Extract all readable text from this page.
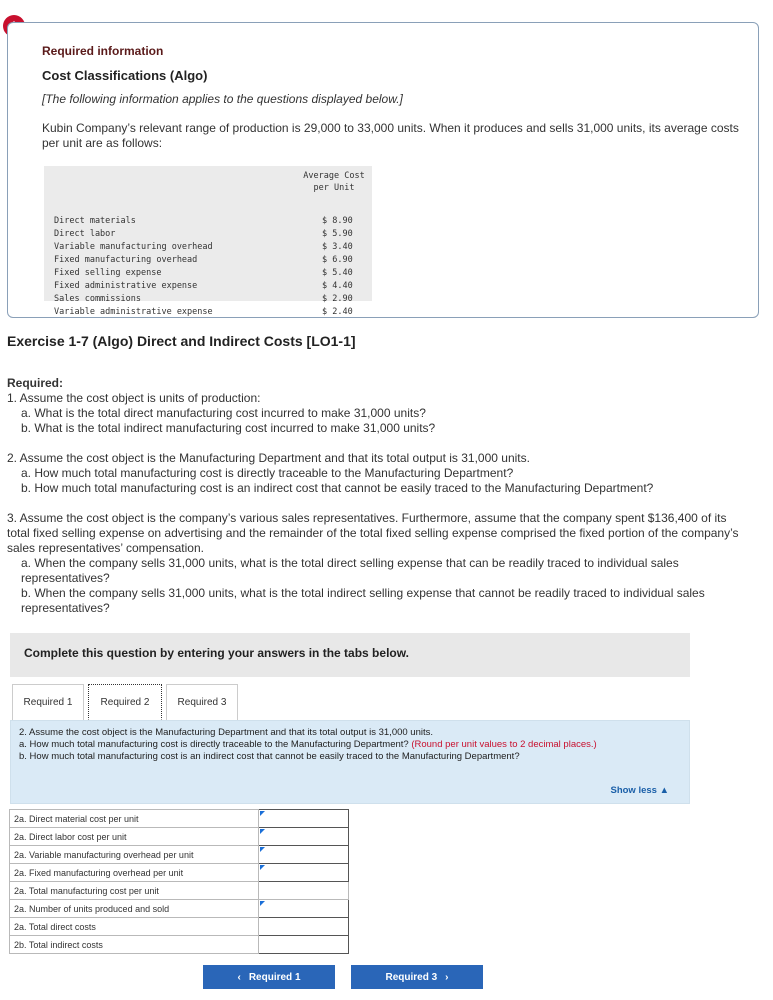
Required information
Cost Classifications (Algo)
[The following information applies to the questions displayed below.]
Kubin Company’s relevant range of production is 29,000 to 33,000 units. When it produces and sells 31,000 units, its average costs per unit are as follows:
Average Cost
per Unit
Direct materials	$ 8.90
Direct labor	$ 5.90
Variable manufacturing overhead	$ 3.40
Fixed manufacturing overhead	$ 6.90
Fixed selling expense	$ 5.40
Fixed administrative expense	$ 4.40
Sales commissions	$ 2.90
Variable administrative expense	$ 2.40
Exercise 1-7 (Algo) Direct and Indirect Costs [LO1-1]
Required:
1. Assume the cost object is units of production:
a. What is the total direct manufacturing cost incurred to make 31,000 units?
b. What is the total indirect manufacturing cost incurred to make 31,000 units?
2. Assume the cost object is the Manufacturing Department and that its total output is 31,000 units.
a. How much total manufacturing cost is directly traceable to the Manufacturing Department?
b. How much total manufacturing cost is an indirect cost that cannot be easily traced to the Manufacturing Department?
3. Assume the cost object is the company’s various sales representatives. Furthermore, assume that the company spent $136,400 of its total fixed selling expense on advertising and the remainder of the total fixed selling expense comprised the fixed portion of the company’s sales representatives’ compensation.
a. When the company sells 31,000 units, what is the total direct selling expense that can be readily traced to individual sales representatives?
b. When the company sells 31,000 units, what is the total indirect selling expense that cannot be readily traced to individual sales representatives?
Complete this question by entering your answers in the tabs below.
Required 1	Required 2	Required 3
2. Assume the cost object is the Manufacturing Department and that its total output is 31,000 units.
a. How much total manufacturing cost is directly traceable to the Manufacturing Department? (Round per unit values to 2 decimal places.)
b. How much total manufacturing cost is an indirect cost that cannot be easily traced to the Manufacturing Department?
Show less ▲
2a. Direct material cost per unit	

2a. Direct labor cost per unit	

2a. Variable manufacturing overhead per unit	

2a. Fixed manufacturing overhead per unit	

2a. Total manufacturing cost per unit	
2a. Number of units produced and sold	

2a. Total direct costs	
2b. Total indirect costs	
‹ Required 1	Required 3 ›
